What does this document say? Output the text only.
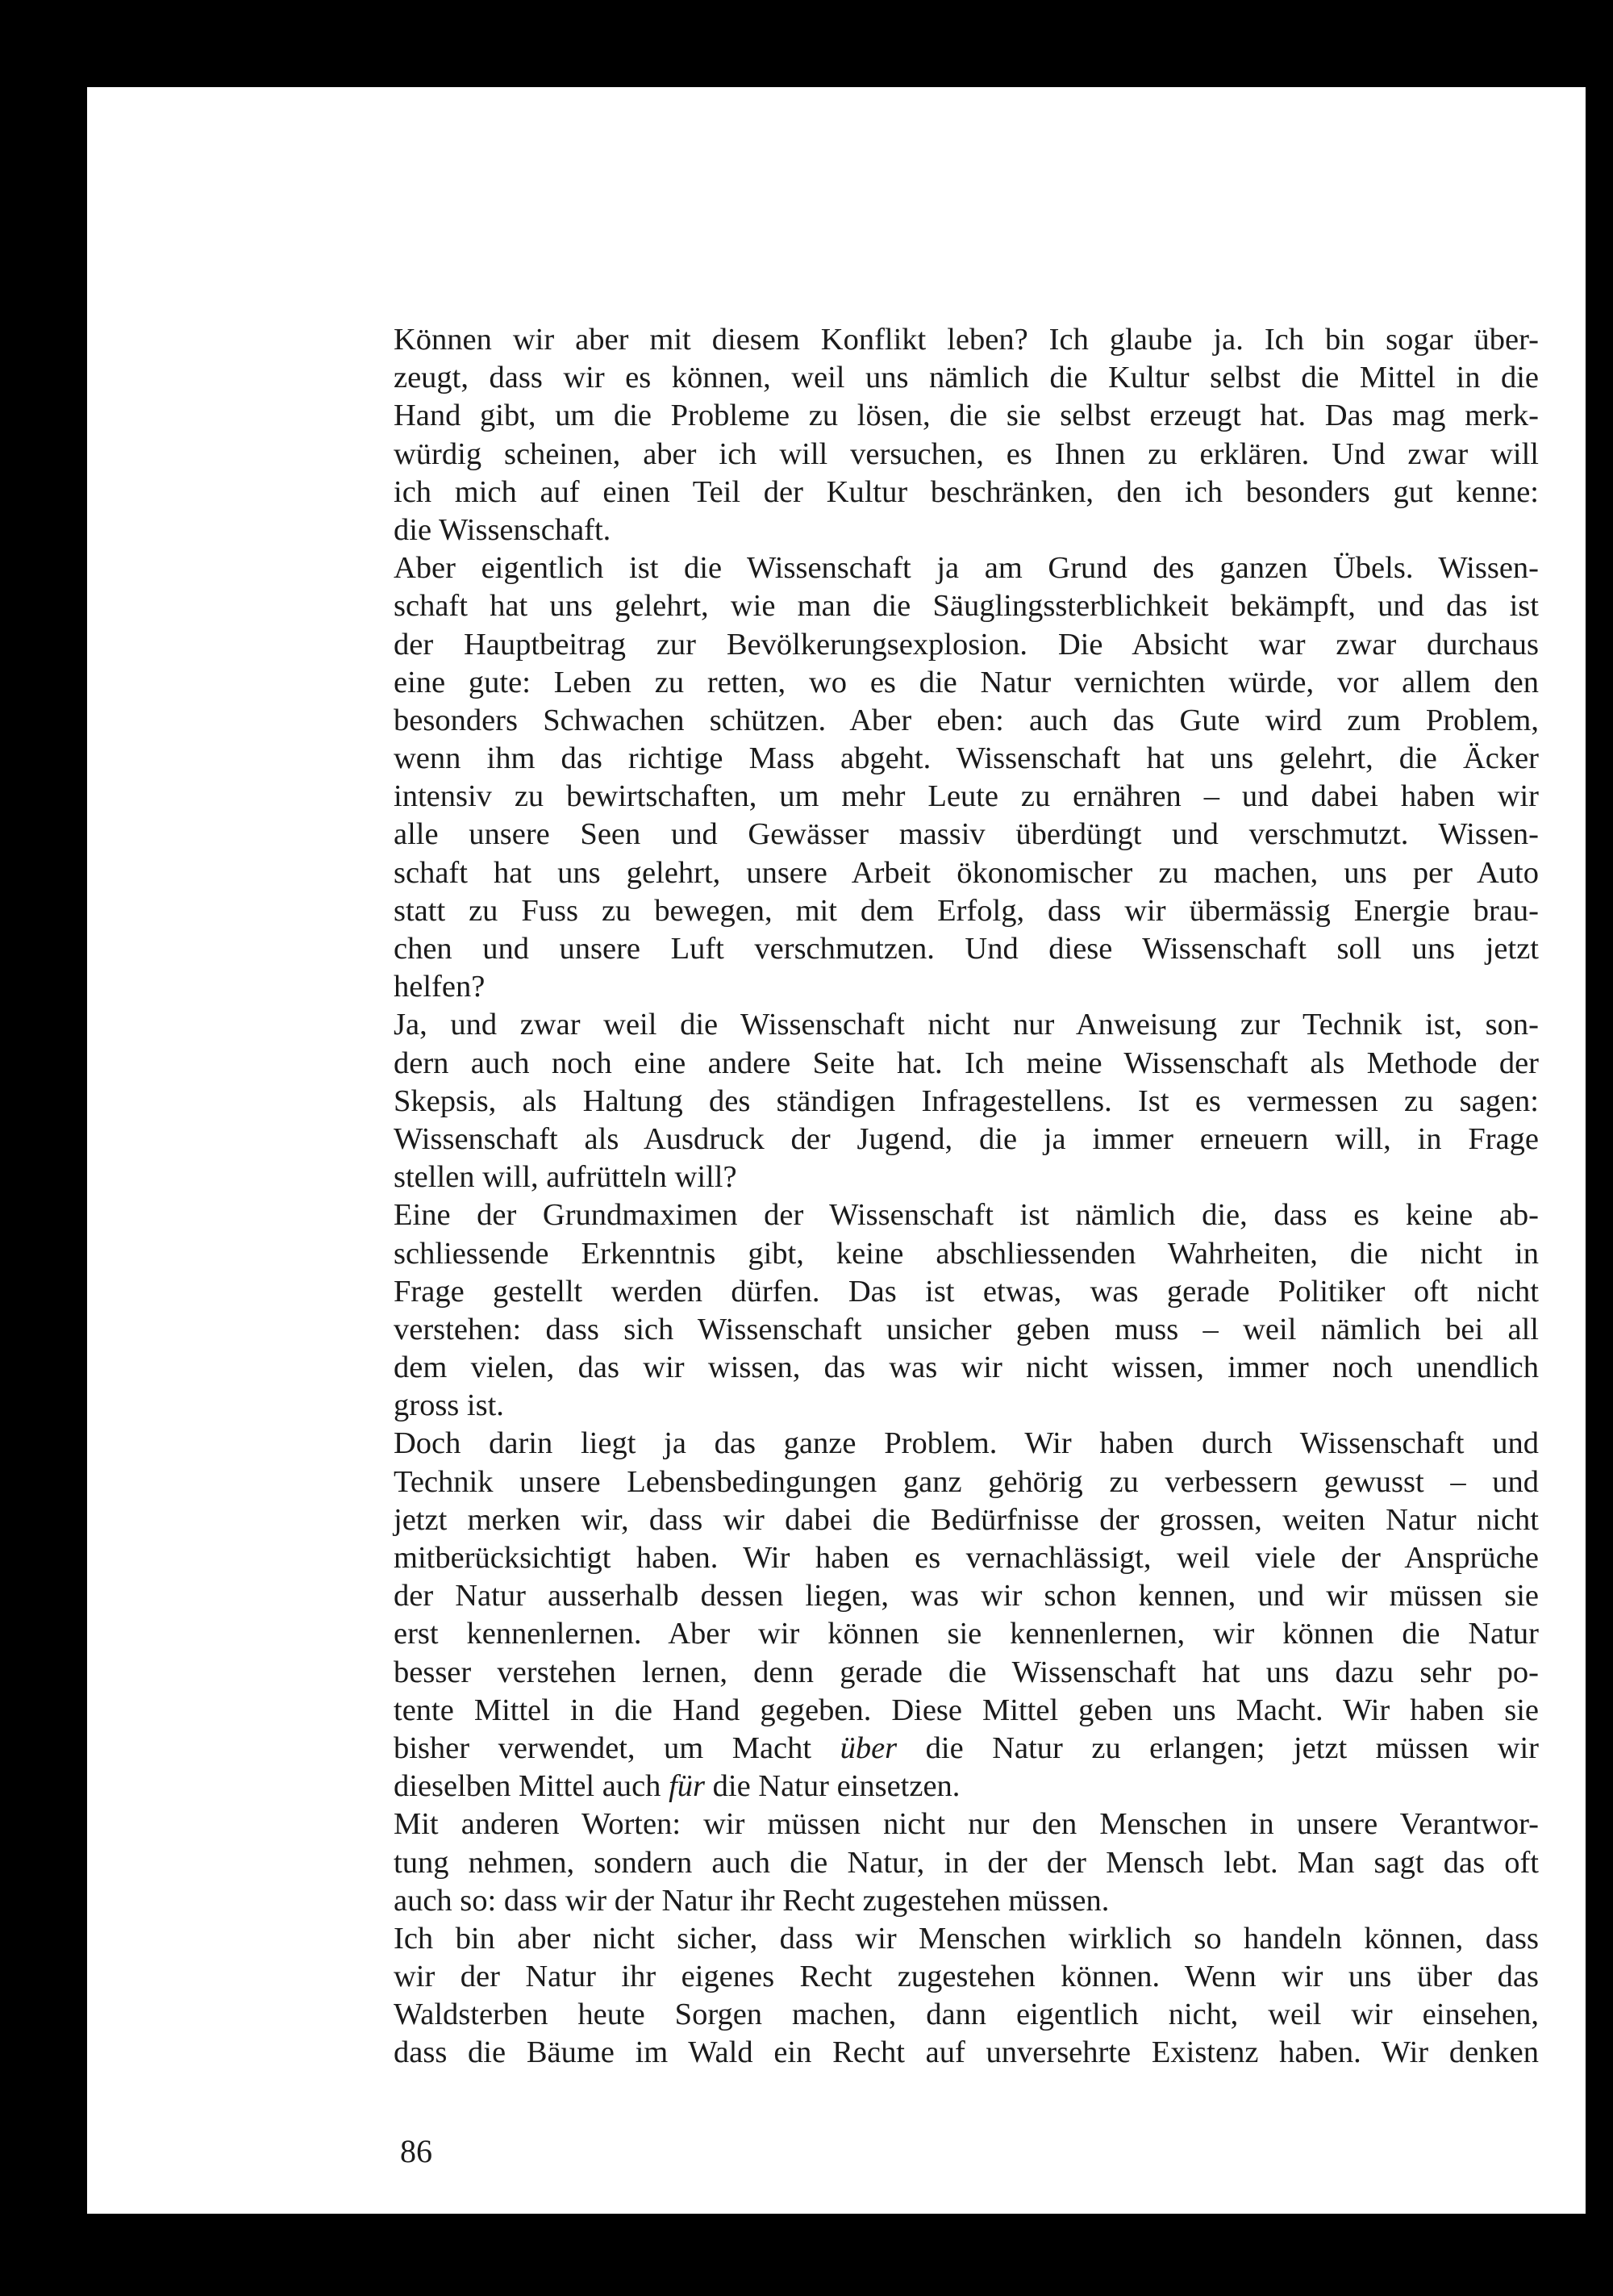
Können wir aber mit diesem Konflikt leben? Ich glaube ja. Ich bin sogar über-
zeugt, dass wir es können, weil uns nämlich die Kultur selbst die Mittel in die
Hand gibt, um die Probleme zu lösen, die sie selbst erzeugt hat. Das mag merk-
würdig scheinen, aber ich will versuchen, es Ihnen zu erklären. Und zwar will
ich mich auf einen Teil der Kultur beschränken, den ich besonders gut kenne:
die Wissenschaft.
Aber eigentlich ist die Wissenschaft ja am Grund des ganzen Übels. Wissen-
schaft hat uns gelehrt, wie man die Säuglingssterblichkeit bekämpft, und das ist
der Hauptbeitrag zur Bevölkerungsexplosion. Die Absicht war zwar durchaus
eine gute: Leben zu retten, wo es die Natur vernichten würde, vor allem den
besonders Schwachen schützen. Aber eben: auch das Gute wird zum Problem,
wenn ihm das richtige Mass abgeht. Wissenschaft hat uns gelehrt, die Äcker
intensiv zu bewirtschaften, um mehr Leute zu ernähren – und dabei haben wir
alle unsere Seen und Gewässer massiv überdüngt und verschmutzt. Wissen-
schaft hat uns gelehrt, unsere Arbeit ökonomischer zu machen, uns per Auto
statt zu Fuss zu bewegen, mit dem Erfolg, dass wir übermässig Energie brau-
chen und unsere Luft verschmutzen. Und diese Wissenschaft soll uns jetzt
helfen?
Ja, und zwar weil die Wissenschaft nicht nur Anweisung zur Technik ist, son-
dern auch noch eine andere Seite hat. Ich meine Wissenschaft als Methode der
Skepsis, als Haltung des ständigen Infragestellens. Ist es vermessen zu sagen:
Wissenschaft als Ausdruck der Jugend, die ja immer erneuern will, in Frage
stellen will, aufrütteln will?
Eine der Grundmaximen der Wissenschaft ist nämlich die, dass es keine ab-
schliessende Erkenntnis gibt, keine abschliessenden Wahrheiten, die nicht in
Frage gestellt werden dürfen. Das ist etwas, was gerade Politiker oft nicht
verstehen: dass sich Wissenschaft unsicher geben muss – weil nämlich bei all
dem vielen, das wir wissen, das was wir nicht wissen, immer noch unendlich
gross ist.
Doch darin liegt ja das ganze Problem. Wir haben durch Wissenschaft und
Technik unsere Lebensbedingungen ganz gehörig zu verbessern gewusst – und
jetzt merken wir, dass wir dabei die Bedürfnisse der grossen, weiten Natur nicht
mitberücksichtigt haben. Wir haben es vernachlässigt, weil viele der Ansprüche
der Natur ausserhalb dessen liegen, was wir schon kennen, und wir müssen sie
erst kennenlernen. Aber wir können sie kennenlernen, wir können die Natur
besser verstehen lernen, denn gerade die Wissenschaft hat uns dazu sehr po-
tente Mittel in die Hand gegeben. Diese Mittel geben uns Macht. Wir haben sie
bisher verwendet, um Macht über die Natur zu erlangen; jetzt müssen wir
dieselben Mittel auch für die Natur einsetzen.
Mit anderen Worten: wir müssen nicht nur den Menschen in unsere Verantwor-
tung nehmen, sondern auch die Natur, in der der Mensch lebt. Man sagt das oft
auch so: dass wir der Natur ihr Recht zugestehen müssen.
Ich bin aber nicht sicher, dass wir Menschen wirklich so handeln können, dass
wir der Natur ihr eigenes Recht zugestehen können. Wenn wir uns über das
Waldsterben heute Sorgen machen, dann eigentlich nicht, weil wir einsehen,
dass die Bäume im Wald ein Recht auf unversehrte Existenz haben. Wir denken
86
